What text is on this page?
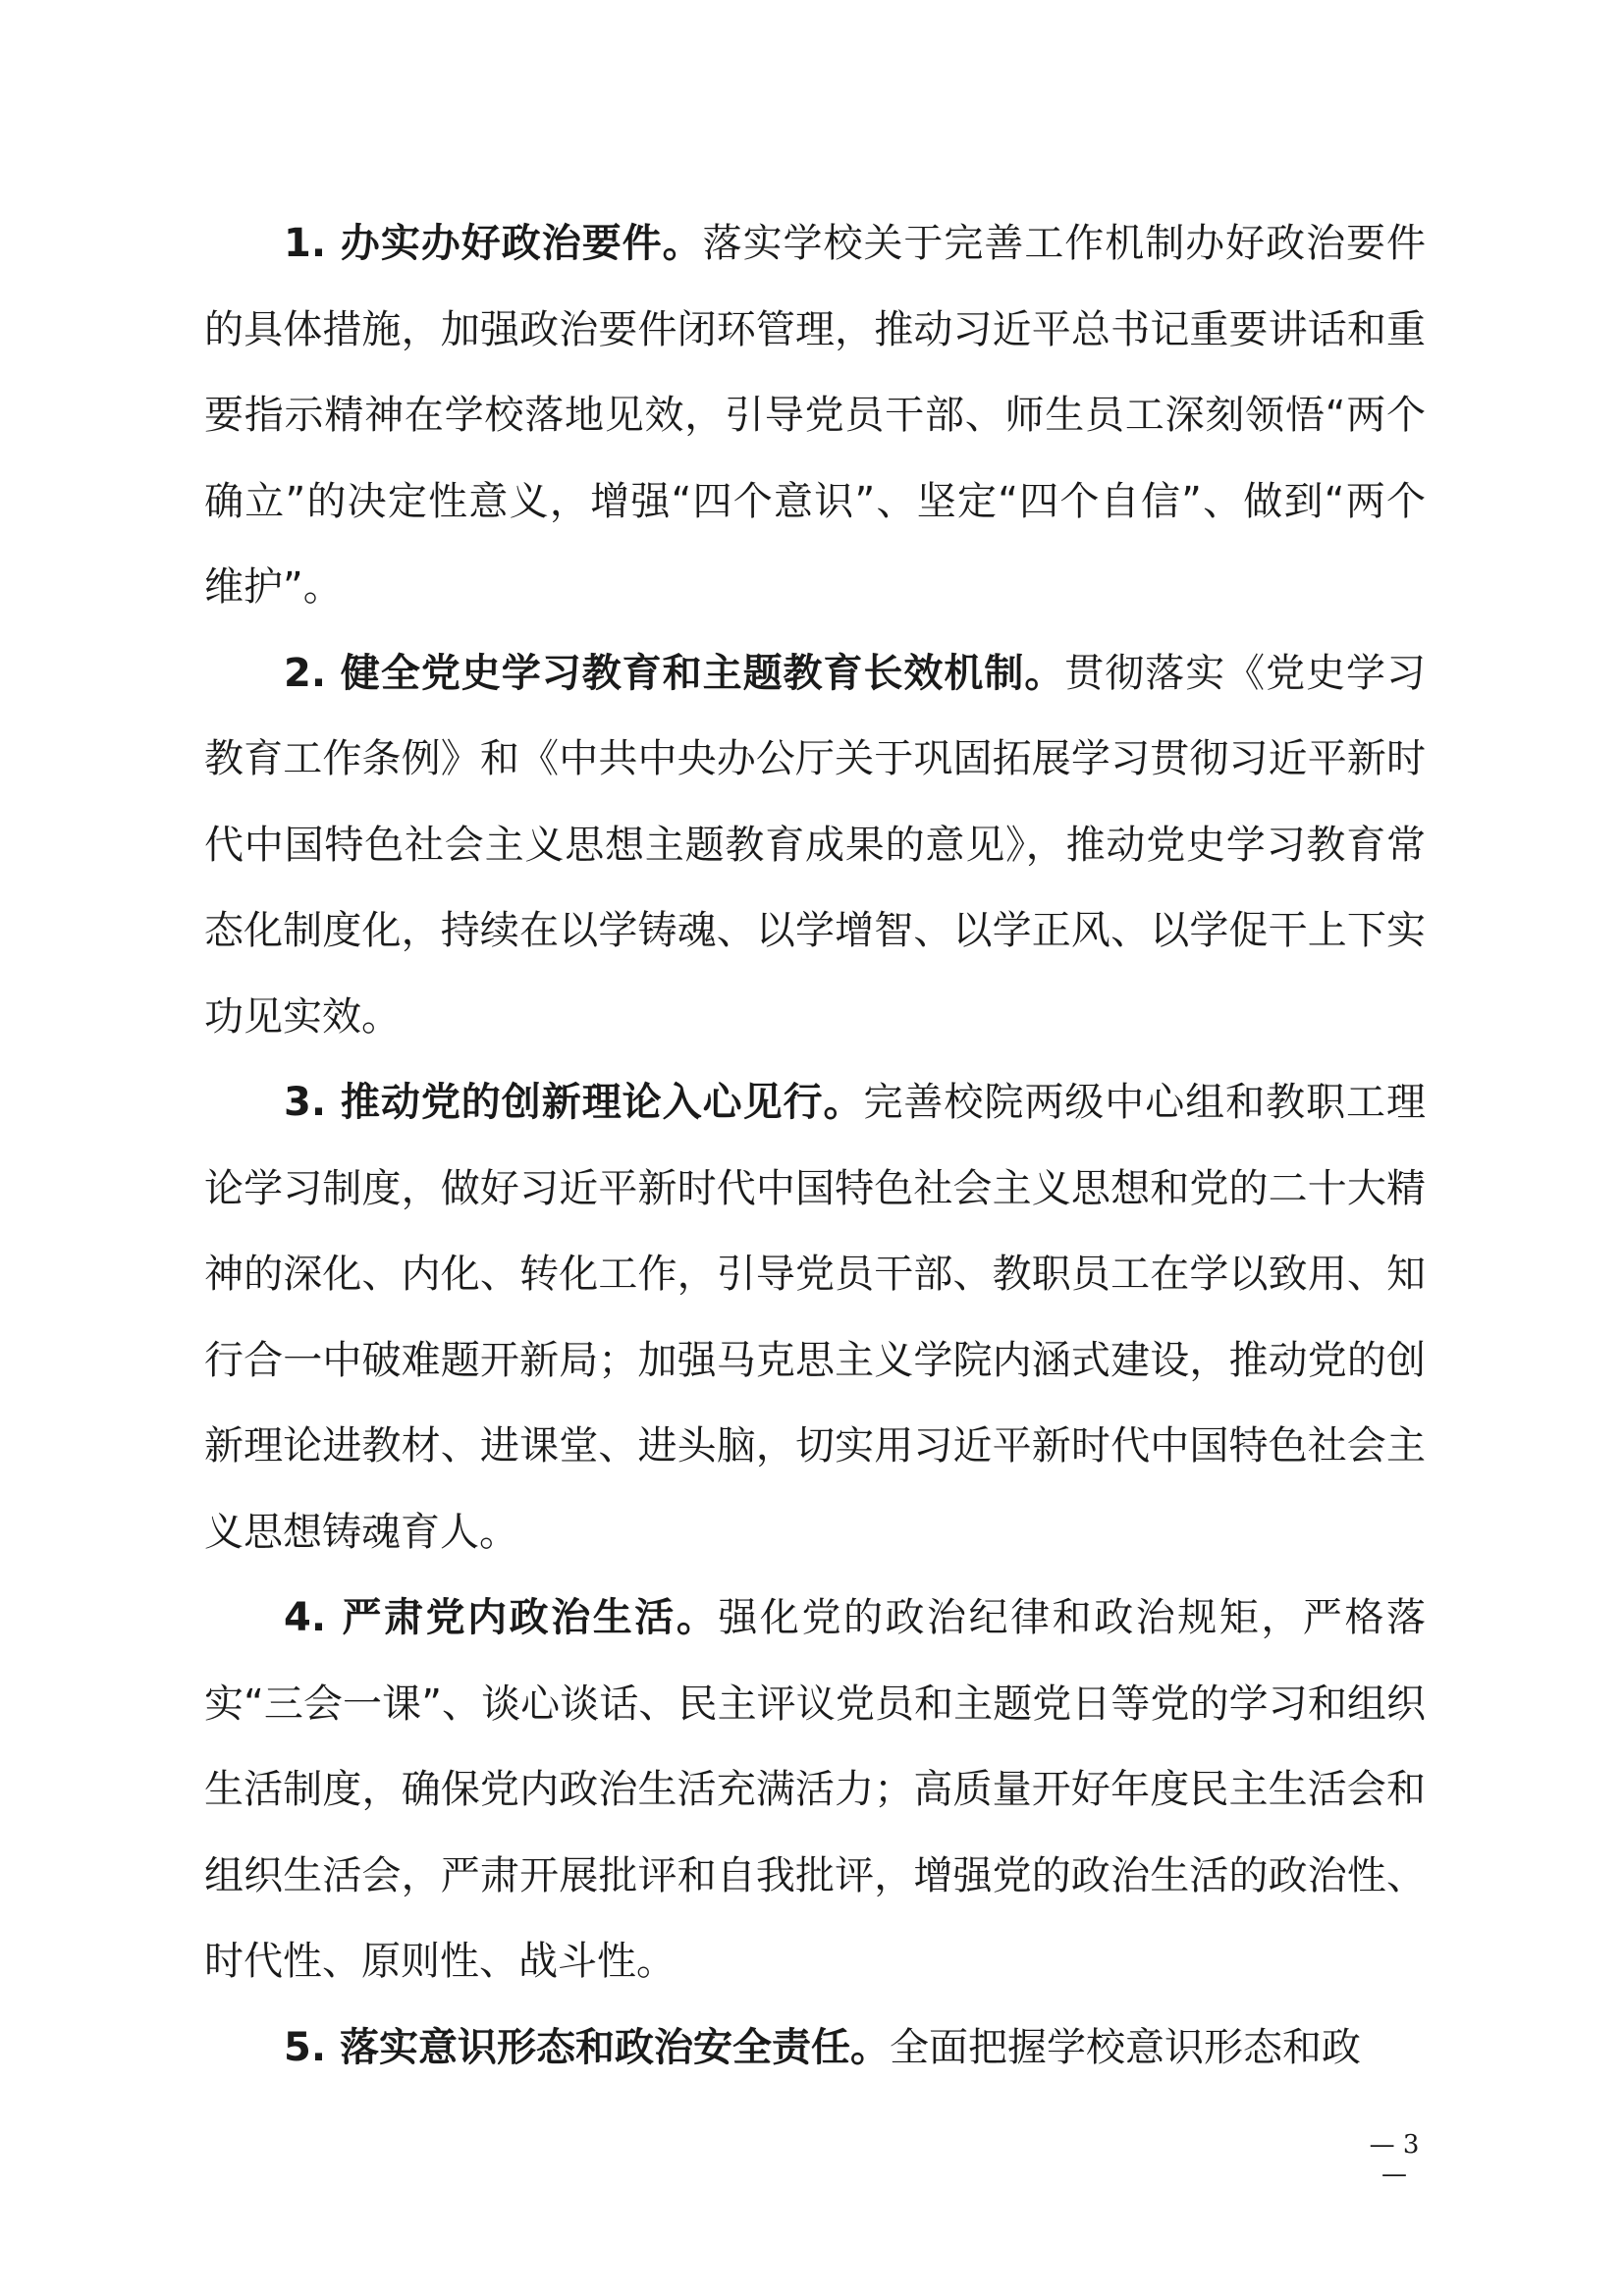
1. 办实办好政治要件。落实学校关于完善工作机制办好政治要件的具体措施，加强政治要件闭环管理，推动习近平总书记重要讲话和重要指示精神在学校落地见效，引导党员干部、师生员工深刻领悟“两个确立”的决定性意义，增强“四个意识”、坚定“四个自信”、做到“两个维护”。

2. 健全党史学习教育和主题教育长效机制。贯彻落实《党史学习教育工作条例》和《中共中央办公厅关于巩固拓展学习贯彻习近平新时代中国特色社会主义思想主题教育成果的意见》，推动党史学习教育常态化制度化，持续在以学铸魂、以学增智、以学正风、以学促干上下实功见实效。

3. 推动党的创新理论入心见行。完善校院两级中心组和教职工理论学习制度，做好习近平新时代中国特色社会主义思想和党的二十大精神的深化、内化、转化工作，引导党员干部、教职员工在学以致用、知行合一中破难题开新局；加强马克思主义学院内涵式建设，推动党的创新理论进教材、进课堂、进头脑，切实用习近平新时代中国特色社会主义思想铸魂育人。

4. 严肃党内政治生活。强化党的政治纪律和政治规矩，严格落实“三会一课”、谈心谈话、民主评议党员和主题党日等党的学习和组织生活制度，确保党内政治生活充满活力；高质量开好年度民主生活会和组织生活会，严肃开展批评和自我批评，增强党的政治生活的政治性、时代性、原则性、战斗性。

5. 落实意识形态和政治安全责任。全面把握学校意识形态和政

— 3 —
